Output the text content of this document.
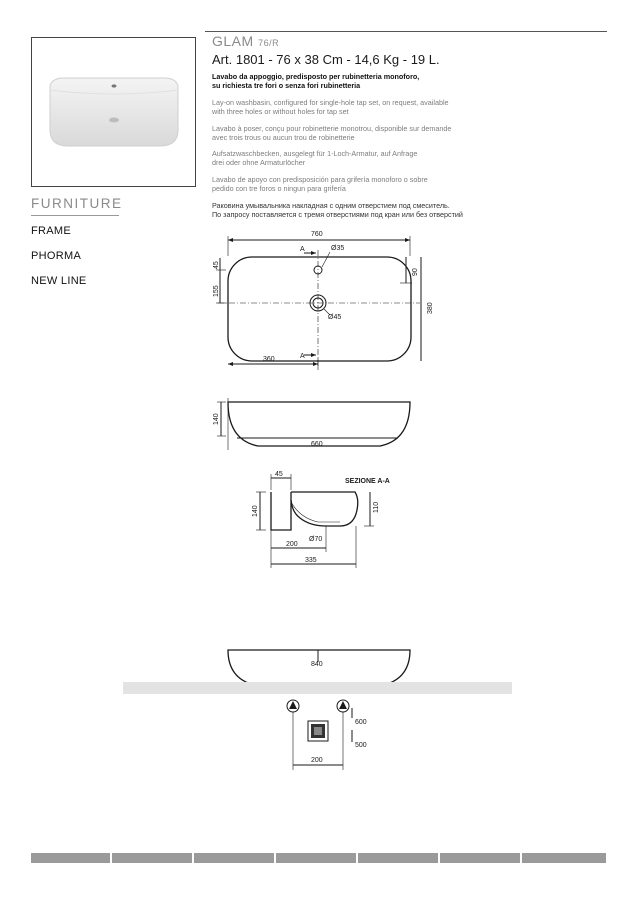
GLAM 76/R
Art. 1801 - 76 x 38 Cm - 14,6 Kg - 19 L.
Lavabo da appoggio, predisposto per rubinetteria monoforo,
su richiesta tre fori o senza fori rubinetteria
Lay-on washbasin, configured for single-hole tap set, on request, available
with three holes or without holes for tap set
Lavabo à poser, conçu pour robinetterie monotrou, disponible sur demande
avec trois trous ou aucun trou de robinetterie
Aufsatzwaschbecken, ausgelegt für 1-Loch-Armatur, auf Anfrage
drei oder ohne Armaturlöcher
Lavabo de apoyo con predisposición para grifería monoforo o sobre
pedido con tre foros o ningun para grifería
Раковина умывальника накладная с одним отверстием под смеситель.
По запросу поставляется с тремя отверстиями под кран или без отверстий
FURNITURE
FRAME
PHORMA
NEW LINE
760
Ø35
A
A
Ø45
360
45
155
90
380
140
660
SEZIONE A-A
45
140	110
200
Ø70
335
840
600
500
200
